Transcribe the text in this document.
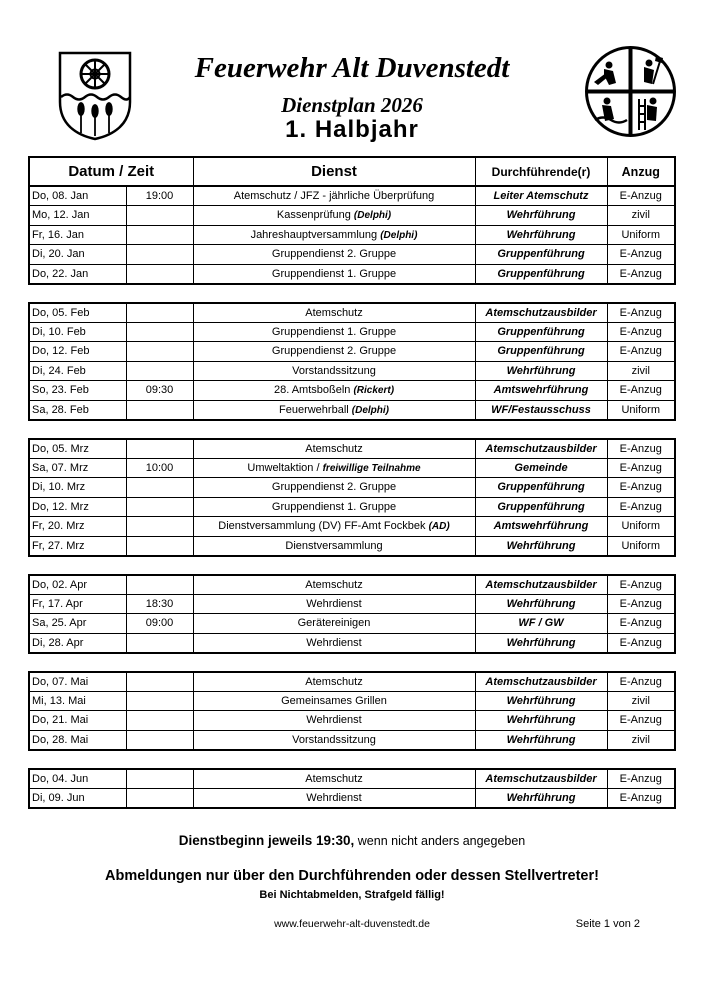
Feuerwehr Alt Duvenstedt
Dienstplan 2026
1. Halbjahr
Datum / Zeit	Dienst	Durchführende(r)	Anzug
Do, 08. Jan	19:00	Atemschutz / JFZ - jährliche Überprüfung	Leiter Atemschutz	E-Anzug
Mo, 12. Jan		Kassenprüfung (Delphi)	Wehrführung	zivil
Fr, 16. Jan		Jahreshauptversammlung (Delphi)	Wehrführung	Uniform
Di, 20. Jan		Gruppendienst 2. Gruppe	Gruppenführung	E-Anzug
Do, 22. Jan		Gruppendienst 1. Gruppe	Gruppenführung	E-Anzug
Do, 05. Feb		Atemschutz	Atemschutzausbilder	E-Anzug
Di, 10. Feb		Gruppendienst 1. Gruppe	Gruppenführung	E-Anzug
Do, 12. Feb		Gruppendienst 2. Gruppe	Gruppenführung	E-Anzug
Di, 24. Feb		Vorstandssitzung	Wehrführung	zivil
So, 23. Feb	09:30	28. Amtsboßeln (Rickert)	Amtswehrführung	E-Anzug
Sa, 28. Feb		Feuerwehrball (Delphi)	WF/Festausschuss	Uniform
Do, 05. Mrz		Atemschutz	Atemschutzausbilder	E-Anzug
Sa, 07. Mrz	10:00	Umweltaktion / freiwillige Teilnahme	Gemeinde	E-Anzug
Di, 10. Mrz		Gruppendienst 2. Gruppe	Gruppenführung	E-Anzug
Do, 12. Mrz		Gruppendienst 1. Gruppe	Gruppenführung	E-Anzug
Fr, 20. Mrz		Dienstversammlung (DV) FF-Amt Fockbek (AD)	Amtswehrführung	Uniform
Fr, 27. Mrz		Dienstversammlung	Wehrführung	Uniform
Do, 02. Apr		Atemschutz	Atemschutzausbilder	E-Anzug
Fr, 17. Apr	18:30	Wehrdienst	Wehrführung	E-Anzug
Sa, 25. Apr	09:00	Gerätereinigen	WF / GW	E-Anzug
Di, 28. Apr		Wehrdienst	Wehrführung	E-Anzug
Do, 07. Mai		Atemschutz	Atemschutzausbilder	E-Anzug
Mi, 13. Mai		Gemeinsames Grillen	Wehrführung	zivil
Do, 21. Mai		Wehrdienst	Wehrführung	E-Anzug
Do, 28. Mai		Vorstandssitzung	Wehrführung	zivil
Do, 04. Jun		Atemschutz	Atemschutzausbilder	E-Anzug
Di, 09. Jun		Wehrdienst	Wehrführung	E-Anzug
Dienstbeginn jeweils 19:30, wenn nicht anders angegeben
Abmeldungen nur über den Durchführenden oder dessen Stellvertreter!
Bei Nichtabmelden, Strafgeld fällig!
www.feuerwehr-alt-duvenstedt.de	Seite 1 von 2
